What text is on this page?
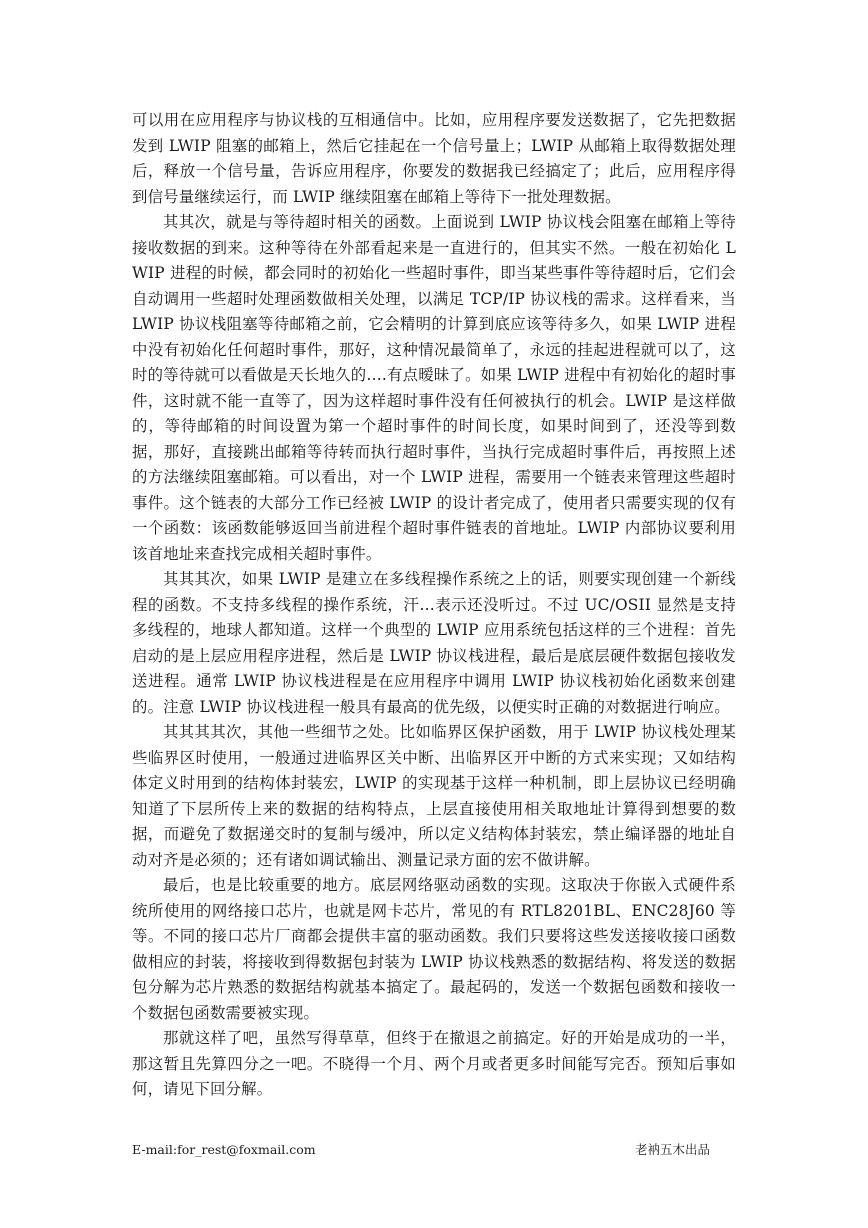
可以用在应用程序与协议栈的互相通信中。比如，应用程序要发送数据了，它先把数据发到 LWIP 阻塞的邮箱上，然后它挂起在一个信号量上；LWIP 从邮箱上取得数据处理后，释放一个信号量，告诉应用程序，你要发的数据我已经搞定了；此后，应用程序得到信号量继续运行，而 LWIP 继续阻塞在邮箱上等待下一批处理数据。

其其次，就是与等待超时相关的函数。上面说到 LWIP 协议栈会阻塞在邮箱上等待接收数据的到来。这种等待在外部看起来是一直进行的，但其实不然。一般在初始化 LWIP 进程的时候，都会同时的初始化一些超时事件，即当某些事件等待超时后，它们会自动调用一些超时处理函数做相关处理，以满足 TCP/IP 协议栈的需求。这样看来，当 LWIP 协议栈阻塞等待邮箱之前，它会精明的计算到底应该等待多久，如果 LWIP 进程中没有初始化任何超时事件，那好，这种情况最简单了，永远的挂起进程就可以了，这时的等待就可以看做是天长地久的….有点暧昧了。如果 LWIP 进程中有初始化的超时事件，这时就不能一直等了，因为这样超时事件没有任何被执行的机会。LWIP 是这样做的，等待邮箱的时间设置为第一个超时事件的时间长度，如果时间到了，还没等到数据，那好，直接跳出邮箱等待转而执行超时事件，当执行完成超时事件后，再按照上述的方法继续阻塞邮箱。可以看出，对一个 LWIP 进程，需要用一个链表来管理这些超时事件。这个链表的大部分工作已经被 LWIP 的设计者完成了，使用者只需要实现的仅有一个函数：该函数能够返回当前进程个超时事件链表的首地址。LWIP 内部协议要利用该首地址来查找完成相关超时事件。

其其其次，如果 LWIP 是建立在多线程操作系统之上的话，则要实现创建一个新线程的函数。不支持多线程的操作系统，汗…表示还没听过。不过 UC/OSII 显然是支持多线程的，地球人都知道。这样一个典型的 LWIP 应用系统包括这样的三个进程：首先启动的是上层应用程序进程，然后是 LWIP 协议栈进程，最后是底层硬件数据包接收发送进程。通常 LWIP 协议栈进程是在应用程序中调用 LWIP 协议栈初始化函数来创建的。注意 LWIP 协议栈进程一般具有最高的优先级，以便实时正确的对数据进行响应。

其其其其次，其他一些细节之处。比如临界区保护函数，用于 LWIP 协议栈处理某些临界区时使用，一般通过进临界区关中断、出临界区开中断的方式来实现；又如结构体定义时用到的结构体封装宏，LWIP 的实现基于这样一种机制，即上层协议已经明确知道了下层所传上来的数据的结构特点，上层直接使用相关取地址计算得到想要的数据，而避免了数据递交时的复制与缓冲，所以定义结构体封装宏，禁止编译器的地址自动对齐是必须的；还有诸如调试输出、测量记录方面的宏不做讲解。

最后，也是比较重要的地方。底层网络驱动函数的实现。这取决于你嵌入式硬件系统所使用的网络接口芯片，也就是网卡芯片，常见的有 RTL8201BL、ENC28J60 等等。不同的接口芯片厂商都会提供丰富的驱动函数。我们只要将这些发送接收接口函数做相应的封装，将接收到得数据包封装为 LWIP 协议栈熟悉的数据结构、将发送的数据包分解为芯片熟悉的数据结构就基本搞定了。最起码的，发送一个数据包函数和接收一个数据包函数需要被实现。

那就这样了吧，虽然写得草草，但终于在撤退之前搞定。好的开始是成功的一半，那这暂且先算四分之一吧。不晓得一个月、两个月或者更多时间能写完否。预知后事如何，请见下回分解。

E-mail:for_rest@foxmail.com	老衲五木出品
